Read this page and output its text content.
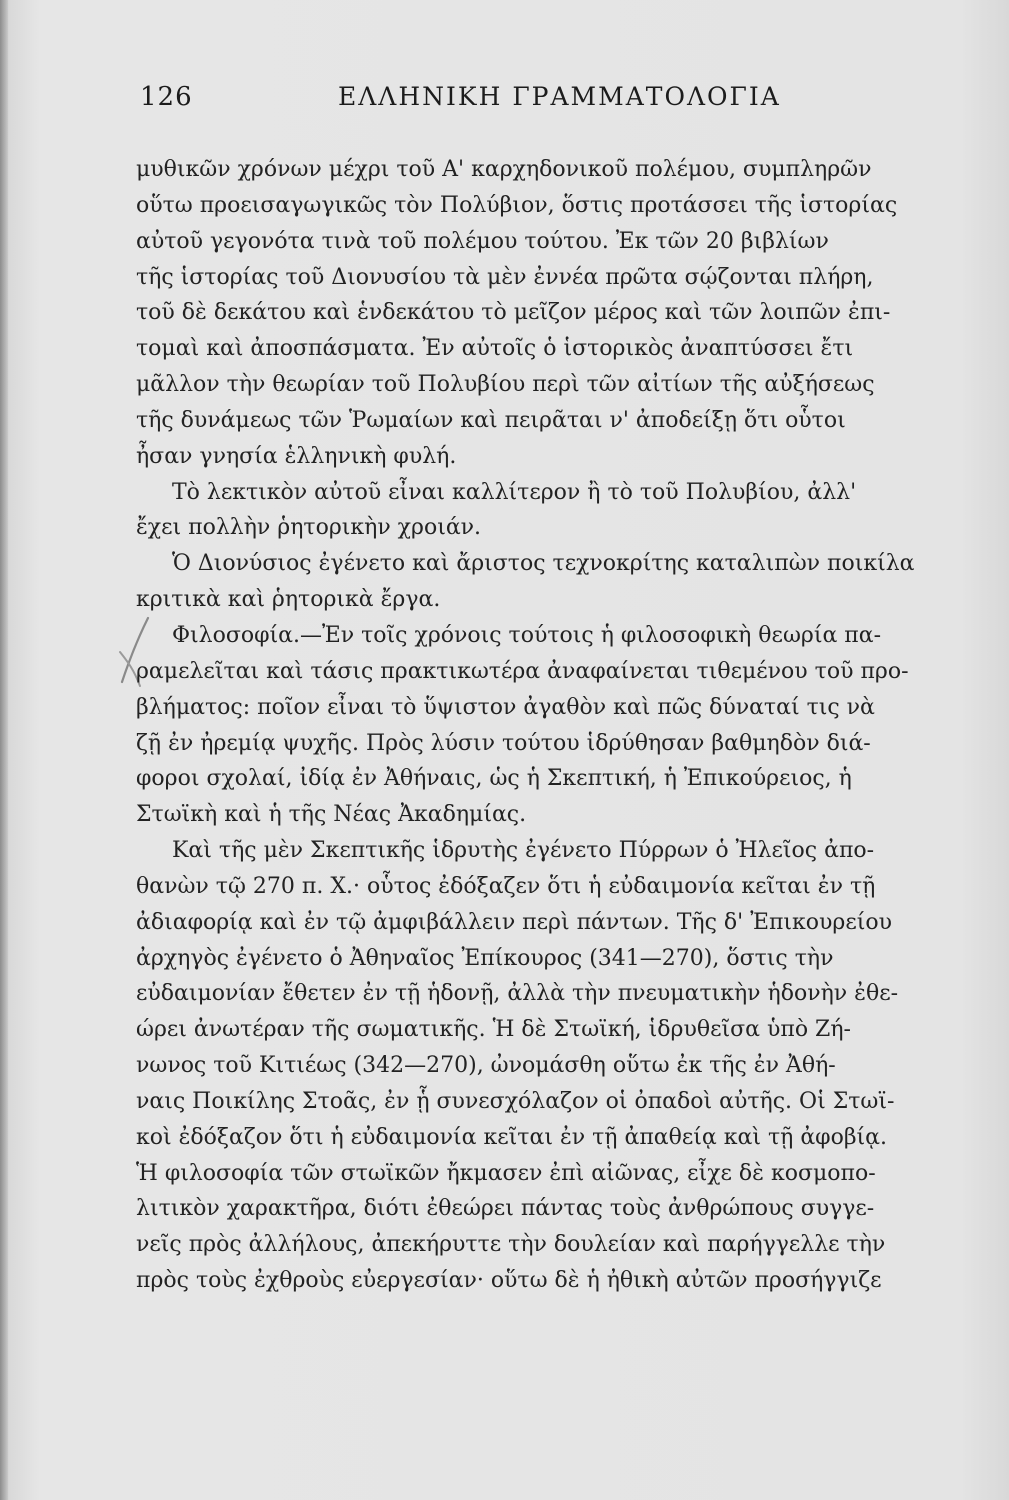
126	ΕΛΛΗΝΙΚΗ ΓΡΑΜΜΑΤΟΛΟΓΙΑ
μυθικῶν χρόνων μέχρι τοῦ Α' καρχηδονικοῦ πολέμου, συμπληρῶν
οὕτω προεισαγωγικῶς τὸν Πολύβιον, ὅστις προτάσσει τῆς ἱστορίας
αὐτοῦ γεγονότα τινὰ τοῦ πολέμου τούτου. Ἐκ τῶν 20 βιβλίων
τῆς ἱστορίας τοῦ Διονυσίου τὰ μὲν ἐννέα πρῶτα σῴζονται πλήρη,
τοῦ δὲ δεκάτου καὶ ἑνδεκάτου τὸ μεῖζον μέρος καὶ τῶν λοιπῶν ἐπι-
τομαὶ καὶ ἀποσπάσματα. Ἐν αὐτοῖς ὁ ἱστορικὸς ἀναπτύσσει ἔτι
μᾶλλον τὴν θεωρίαν τοῦ Πολυβίου περὶ τῶν αἰτίων τῆς αὐξήσεως
τῆς δυνάμεως τῶν Ῥωμαίων καὶ πειρᾶται ν' ἀποδείξῃ ὅτι οὗτοι
ἦσαν γνησία ἑλληνικὴ φυλή.
Τὸ λεκτικὸν αὐτοῦ εἶναι καλλίτερον ἢ τὸ τοῦ Πολυβίου, ἀλλ'
ἔχει πολλὴν ῥητορικὴν χροιάν.
Ὁ Διονύσιος ἐγένετο καὶ ἄριστος τεχνοκρίτης καταλιπὼν ποικίλα
κριτικὰ καὶ ῥητορικὰ ἔργα.
Φιλοσοφία.—Ἐν τοῖς χρόνοις τούτοις ἡ φιλοσοφικὴ θεωρία πα-
ραμελεῖται καὶ τάσις πρακτικωτέρα ἀναφαίνεται τιθεμένου τοῦ προ-
βλήματος: ποῖον εἶναι τὸ ὕψιστον ἀγαθὸν καὶ πῶς δύναταί τις νὰ
ζῇ ἐν ἠρεμίᾳ ψυχῆς. Πρὸς λύσιν τούτου ἱδρύθησαν βαθμηδὸν διά-
φοροι σχολαί, ἰδίᾳ ἐν Ἀθήναις, ὡς ἡ Σκεπτική, ἡ Ἐπικούρειος, ἡ
Στωϊκὴ καὶ ἡ τῆς Νέας Ἀκαδημίας.
Καὶ τῆς μὲν Σκεπτικῆς ἱδρυτὴς ἐγένετο Πύρρων ὁ Ἠλεῖος ἀπο-
θανὼν τῷ 270 π. Χ.· οὗτος ἐδόξαζεν ὅτι ἡ εὐδαιμονία κεῖται ἐν τῇ
ἀδιαφορίᾳ καὶ ἐν τῷ ἀμφιβάλλειν περὶ πάντων. Τῆς δ' Ἐπικουρείου
ἀρχηγὸς ἐγένετο ὁ Ἀθηναῖος Ἐπίκουρος (341—270), ὅστις τὴν
εὐδαιμονίαν ἔθετεν ἐν τῇ ἡδονῇ, ἀλλὰ τὴν πνευματικὴν ἡδονὴν ἐθε-
ώρει ἀνωτέραν τῆς σωματικῆς. Ἡ δὲ Στωϊκή, ἱδρυθεῖσα ὑπὸ Ζή-
νωνος τοῦ Κιτιέως (342—270), ὠνομάσθη οὕτω ἐκ τῆς ἐν Ἀθή-
ναις Ποικίλης Στοᾶς, ἐν ᾗ συνεσχόλαζον οἱ ὀπαδοὶ αὐτῆς. Οἱ Στωϊ-
κοὶ ἐδόξαζον ὅτι ἡ εὐδαιμονία κεῖται ἐν τῇ ἀπαθείᾳ καὶ τῇ ἀφοβίᾳ.
Ἡ φιλοσοφία τῶν στωϊκῶν ἤκμασεν ἐπὶ αἰῶνας, εἶχε δὲ κοσμοπο-
λιτικὸν χαρακτῆρα, διότι ἐθεώρει πάντας τοὺς ἀνθρώπους συγγε-
νεῖς πρὸς ἀλλήλους, ἀπεκήρυττε τὴν δουλείαν καὶ παρήγγελλε τὴν
πρὸς τοὺς ἐχθροὺς εὐεργεσίαν· οὕτω δὲ ἡ ἠθικὴ αὐτῶν προσήγγιζε
